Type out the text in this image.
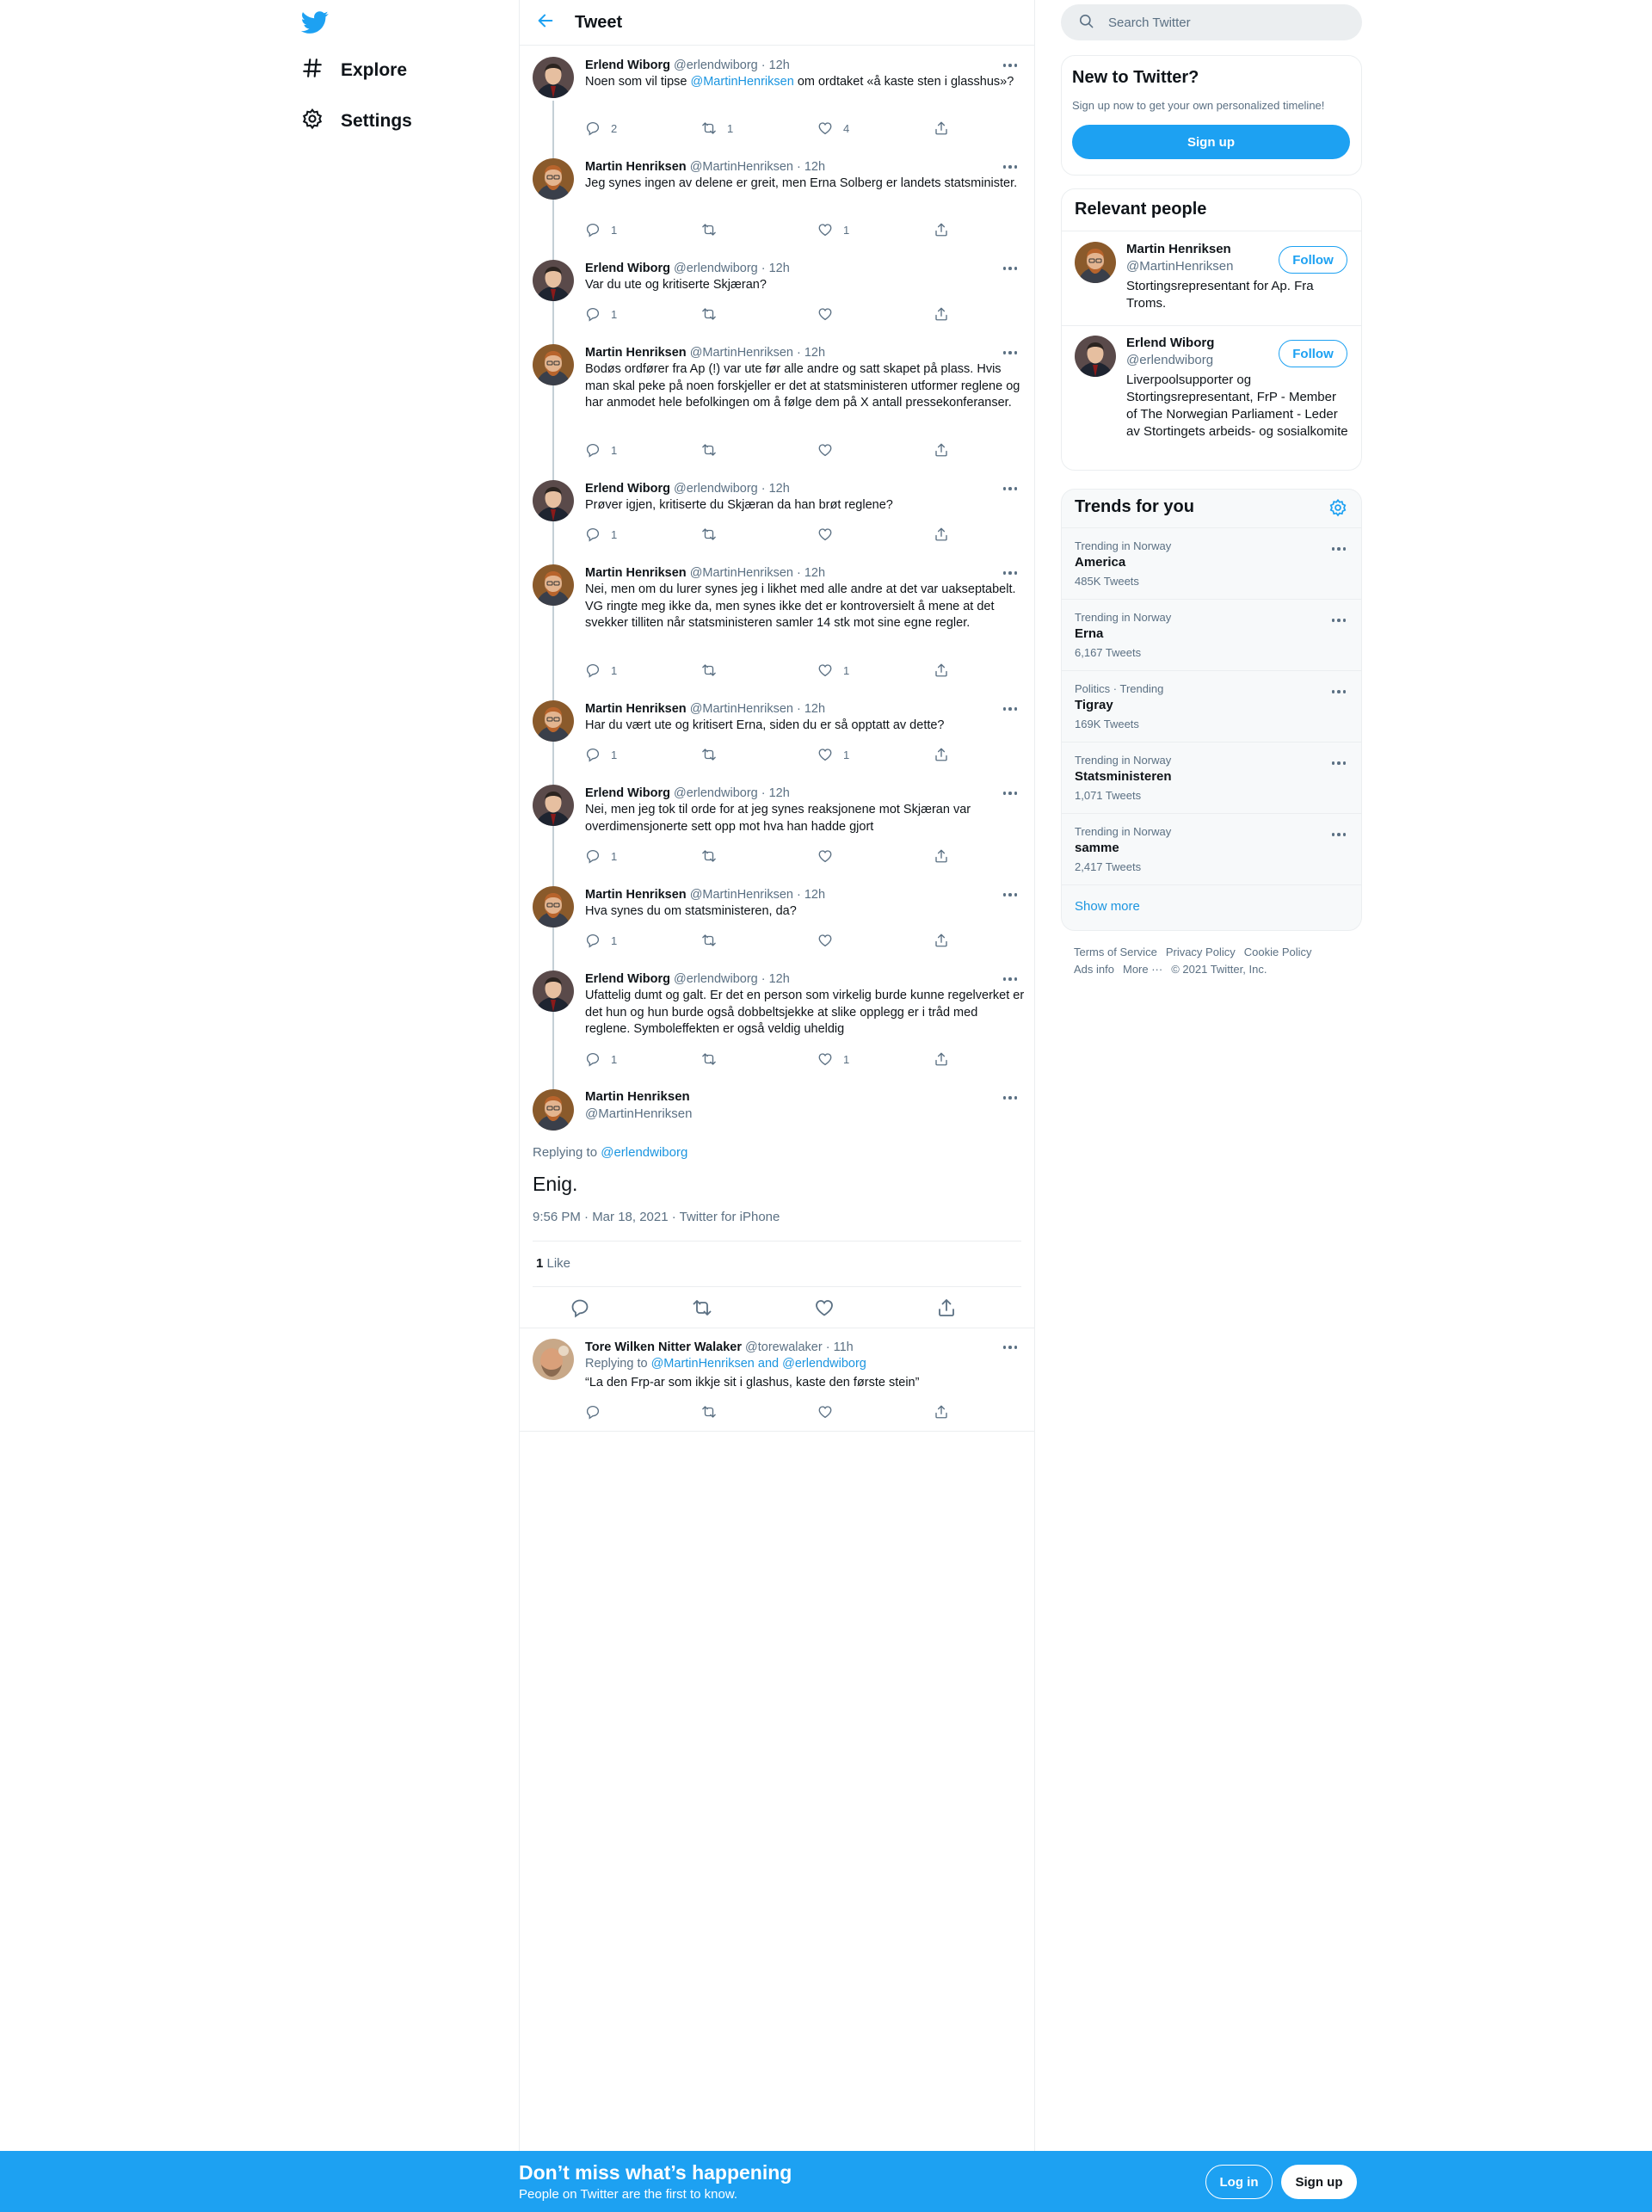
Explore
Settings
Tweet
Erlend Wiborg @erlendwiborg · 12h
Noen som vil tipse @MartinHenriksen om ordtaket «å kaste sten i glasshus»?
2	1	4
Martin Henriksen @MartinHenriksen · 12h
Jeg synes ingen av delene er greit, men Erna Solberg er landets statsminister.
1	1
Erlend Wiborg @erlendwiborg · 12h
Var du ute og kritiserte Skjæran?
1
Martin Henriksen @MartinHenriksen · 12h
Bodøs ordfører fra Ap (!) var ute før alle andre og satt skapet på plass. Hvis man skal peke på noen forskjeller er det at statsministeren utformer reglene og har anmodet hele befolkingen om å følge dem på X antall pressekonferanser.
1
Erlend Wiborg @erlendwiborg · 12h
Prøver igjen, kritiserte du Skjæran da han brøt reglene?
1
Martin Henriksen @MartinHenriksen · 12h
Nei, men om du lurer synes jeg i likhet med alle andre at det var uakseptabelt. VG ringte meg ikke da, men synes ikke det er kontroversielt å mene at det svekker tilliten når statsministeren samler 14 stk mot sine egne regler.
1	1
Martin Henriksen @MartinHenriksen · 12h
Har du vært ute og kritisert Erna, siden du er så opptatt av dette?
1	1
Erlend Wiborg @erlendwiborg · 12h
Nei, men jeg tok til orde for at jeg synes reaksjonene mot Skjæran var overdimensjonerte sett opp mot hva han hadde gjort
1
Martin Henriksen @MartinHenriksen · 12h
Hva synes du om statsministeren, da?
1
Erlend Wiborg @erlendwiborg · 12h
Ufattelig dumt og galt. Er det en person som virkelig burde kunne regelverket er det hun og hun burde også dobbeltsjekke at slike opplegg er i tråd med reglene. Symboleffekten er også veldig uheldig
1	1
Martin Henriksen
@MartinHenriksen
Replying to @erlendwiborg
Enig.
9:56 PM · Mar 18, 2021 · Twitter for iPhone
1 Like
Tore Wilken Nitter Walaker @torewalaker · 11h
Replying to @MartinHenriksen and @erlendwiborg
“La den Frp-ar som ikkje sit i glashus, kaste den første stein”
Search Twitter
New to Twitter?
Sign up now to get your own personalized timeline!
Sign up
Relevant people
Martin Henriksen
@MartinHenriksen	Follow
Stortingsrepresentant for Ap. Fra Troms.
Erlend Wiborg
@erlendwiborg	Follow
Liverpoolsupporter og Stortingsrepresentant, FrP - Member of The Norwegian Parliament - Leder av Stortingets arbeids- og sosialkomite
Trends for you
Trending in Norway
America
485K Tweets
Trending in Norway
Erna
6,167 Tweets
Politics · Trending
Tigray
169K Tweets
Trending in Norway
Statsministeren
1,071 Tweets
Trending in Norway
samme
2,417 Tweets
Show more
Terms of Service Privacy Policy Cookie Policy
Ads info More ··· © 2021 Twitter, Inc.
Don’t miss what’s happening
People on Twitter are the first to know.
Log in	Sign up
